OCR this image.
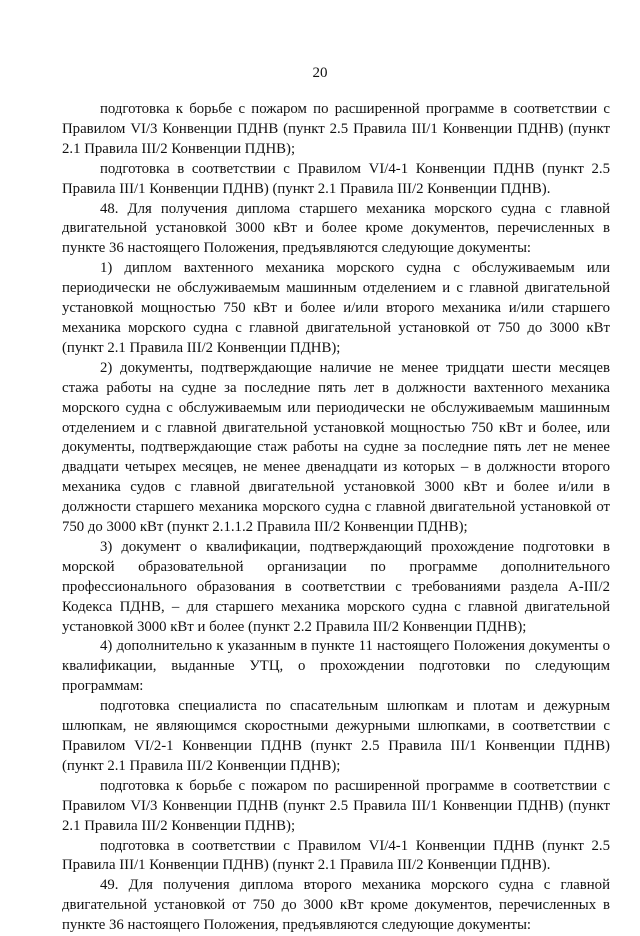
20

подготовка к борьбе с пожаром по расширенной программе в соответствии с Правилом VI/3 Конвенции ПДНВ (пункт 2.5 Правила III/1 Конвенции ПДНВ) (пункт 2.1 Правила III/2 Конвенции ПДНВ);

подготовка в соответствии с Правилом VI/4-1 Конвенции ПДНВ (пункт 2.5 Правила III/1 Конвенции ПДНВ) (пункт 2.1 Правила III/2 Конвенции ПДНВ).

48. Для получения диплома старшего механика морского судна с главной двигательной установкой 3000 кВт и более кроме документов, перечисленных в пункте 36 настоящего Положения, предъявляются следующие документы:

1) диплом вахтенного механика морского судна с обслуживаемым или периодически не обслуживаемым машинным отделением и с главной двигательной установкой мощностью 750 кВт и более и/или второго механика и/или старшего механика морского судна с главной двигательной установкой от 750 до 3000 кВт (пункт 2.1 Правила III/2 Конвенции ПДНВ);

2) документы, подтверждающие наличие не менее тридцати шести месяцев стажа работы на судне за последние пять лет в должности вахтенного механика морского судна с обслуживаемым или периодически не обслуживаемым машинным отделением и с главной двигательной установкой мощностью 750 кВт и более, или документы, подтверждающие стаж работы на судне за последние пять лет не менее двадцати четырех месяцев, не менее двенадцати из которых – в должности второго механика судов с главной двигательной установкой 3000 кВт и более и/или в должности старшего механика морского судна с главной двигательной установкой от 750 до 3000 кВт (пункт 2.1.1.2 Правила III/2 Конвенции ПДНВ);

3) документ о квалификации, подтверждающий прохождение подготовки в морской образовательной организации по программе дополнительного профессионального образования в соответствии с требованиями раздела А-III/2 Кодекса ПДНВ, – для старшего механика морского судна с главной двигательной установкой 3000 кВт и более (пункт 2.2 Правила III/2 Конвенции ПДНВ);

4) дополнительно к указанным в пункте 11 настоящего Положения документы о квалификации, выданные УТЦ, о прохождении подготовки по следующим программам:

подготовка специалиста по спасательным шлюпкам и плотам и дежурным шлюпкам, не являющимся скоростными дежурными шлюпками, в соответствии с Правилом VI/2-1 Конвенции ПДНВ (пункт 2.5 Правила III/1 Конвенции ПДНВ) (пункт 2.1 Правила III/2 Конвенции ПДНВ);

подготовка к борьбе с пожаром по расширенной программе в соответствии с Правилом VI/3 Конвенции ПДНВ (пункт 2.5 Правила III/1 Конвенции ПДНВ) (пункт 2.1 Правила III/2 Конвенции ПДНВ);

подготовка в соответствии с Правилом VI/4-1 Конвенции ПДНВ (пункт 2.5 Правила III/1 Конвенции ПДНВ) (пункт 2.1 Правила III/2 Конвенции ПДНВ).

49. Для получения диплома второго механика морского судна с главной двигательной установкой от 750 до 3000 кВт кроме документов, перечисленных в пункте 36 настоящего Положения, предъявляются следующие документы:
